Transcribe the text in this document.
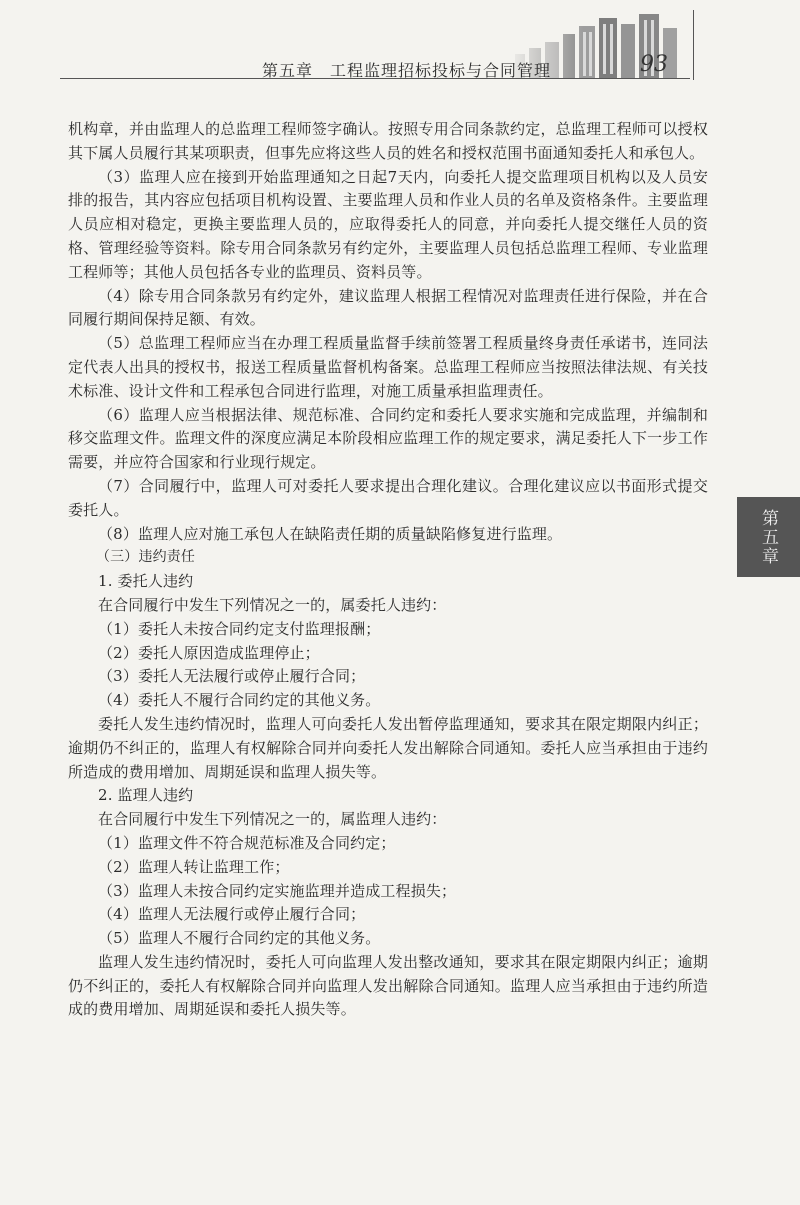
第五章　工程监理招标投标与合同管理	93
第五章

机构章，并由监理人的总监理工程师签字确认。按照专用合同条款约定，总监理工程师可以授权其下属人员履行其某项职责，但事先应将这些人员的姓名和授权范围书面通知委托人和承包人。

（3）监理人应在接到开始监理通知之日起7天内，向委托人提交监理项目机构以及人员安排的报告，其内容应包括项目机构设置、主要监理人员和作业人员的名单及资格条件。主要监理人员应相对稳定，更换主要监理人员的，应取得委托人的同意，并向委托人提交继任人员的资格、管理经验等资料。除专用合同条款另有约定外，主要监理人员包括总监理工程师、专业监理工程师等；其他人员包括各专业的监理员、资料员等。

（4）除专用合同条款另有约定外，建议监理人根据工程情况对监理责任进行保险，并在合同履行期间保持足额、有效。

（5）总监理工程师应当在办理工程质量监督手续前签署工程质量终身责任承诺书，连同法定代表人出具的授权书，报送工程质量监督机构备案。总监理工程师应当按照法律法规、有关技术标准、设计文件和工程承包合同进行监理，对施工质量承担监理责任。

（6）监理人应当根据法律、规范标准、合同约定和委托人要求实施和完成监理，并编制和移交监理文件。监理文件的深度应满足本阶段相应监理工作的规定要求，满足委托人下一步工作需要，并应符合国家和行业现行规定。

（7）合同履行中，监理人可对委托人要求提出合理化建议。合理化建议应以书面形式提交委托人。

（8）监理人应对施工承包人在缺陷责任期的质量缺陷修复进行监理。

（三）违约责任

1. 委托人违约

在合同履行中发生下列情况之一的，属委托人违约：

（1）委托人未按合同约定支付监理报酬；

（2）委托人原因造成监理停止；

（3）委托人无法履行或停止履行合同；

（4）委托人不履行合同约定的其他义务。

委托人发生违约情况时，监理人可向委托人发出暂停监理通知，要求其在限定期限内纠正；逾期仍不纠正的，监理人有权解除合同并向委托人发出解除合同通知。委托人应当承担由于违约所造成的费用增加、周期延误和监理人损失等。

2. 监理人违约

在合同履行中发生下列情况之一的，属监理人违约：

（1）监理文件不符合规范标准及合同约定；

（2）监理人转让监理工作；

（3）监理人未按合同约定实施监理并造成工程损失；

（4）监理人无法履行或停止履行合同；

（5）监理人不履行合同约定的其他义务。

监理人发生违约情况时，委托人可向监理人发出整改通知，要求其在限定期限内纠正；逾期仍不纠正的，委托人有权解除合同并向监理人发出解除合同通知。监理人应当承担由于违约所造成的费用增加、周期延误和委托人损失等。
